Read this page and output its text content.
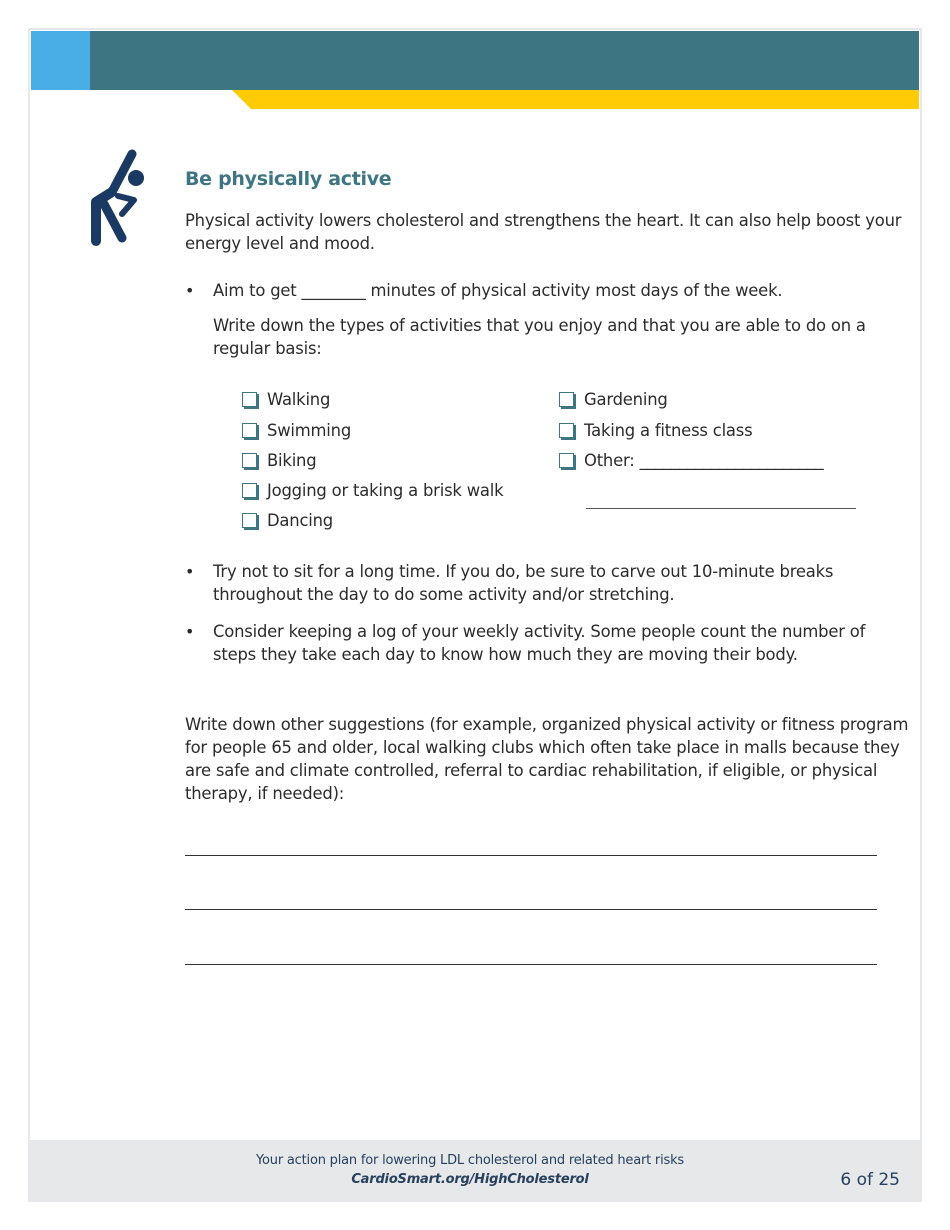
Be physically active
Physical activity lowers cholesterol and strengthens the heart. It can also help boost your energy level and mood.
• Aim to get ________ minutes of physical activity most days of the week.
Write down the types of activities that you enjoy and that you are able to do on a regular basis:
Walking
Swimming
Biking
Jogging or taking a brisk walk
Dancing
Gardening
Taking a fitness class
Other: _______________________
• Try not to sit for a long time. If you do, be sure to carve out 10-minute breaks throughout the day to do some activity and/or stretching.
• Consider keeping a log of your weekly activity. Some people count the number of steps they take each day to know how much they are moving their body.
Write down other suggestions (for example, organized physical activity or fitness program for people 65 and older, local walking clubs which often take place in malls because they are safe and climate controlled, referral to cardiac rehabilitation, if eligible, or physical therapy, if needed):
Your action plan for lowering LDL cholesterol and related heart risks
CardioSmart.org/HighCholesterol	6 of 25
